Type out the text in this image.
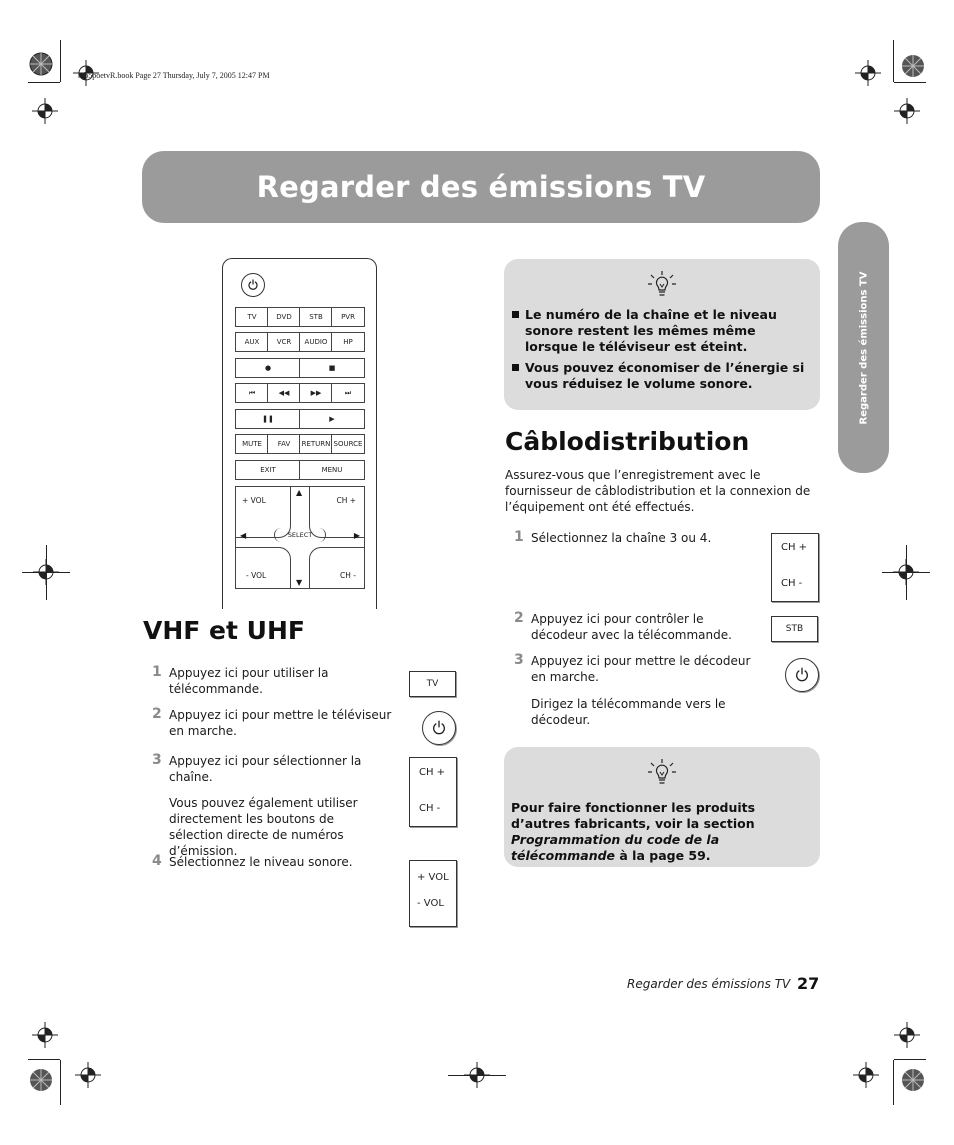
mb5poetvR.book Page 27 Thursday, July 7, 2005 12:47 PM
Regarder des émissions TV
Regarder des émissions TV
TV	DVD	STB	PVR
AUX	VCR	AUDIO	HP
●	■
⏮	◀◀	▶▶	⏭
❚❚	▶
MUTE	FAV	RETURN SOURCE
EXIT	MENU
+ VOL	CH +
- VOL	CH -
▲
▼
◀	▶
SELECT
VHF et UHF
1 Appuyez ici pour utiliser la télécommande.
2 Appuyez ici pour mettre le téléviseur en marche.
3 Appuyez ici pour sélectionner la chaîne.
Vous pouvez également utiliser directement les boutons de sélection directe de numéros d’émission.
4 Sélectionnez le niveau sonore.
TV
CH +
CH -
+ VOL
- VOL
Le numéro de la chaîne et le niveau sonore restent les mêmes même lorsque le téléviseur est éteint.
Vous pouvez économiser de l’énergie si vous réduisez le volume sonore.
Câblodistribution
Assurez-vous que l’enregistrement avec le fournisseur de câblodistribution et la connexion de l’équipement ont été effectués.
1 Sélectionnez la chaîne 3 ou 4.
2 Appuyez ici pour contrôler le décodeur avec la télécommande.
3 Appuyez ici pour mettre le décodeur en marche.
Dirigez la télécommande vers le décodeur.
CH +
CH -
STB
Pour faire fonctionner les produits d’autres fabricants, voir la section Programmation du code de la télécommande à la page 59.
Regarder des émissions TV 27
